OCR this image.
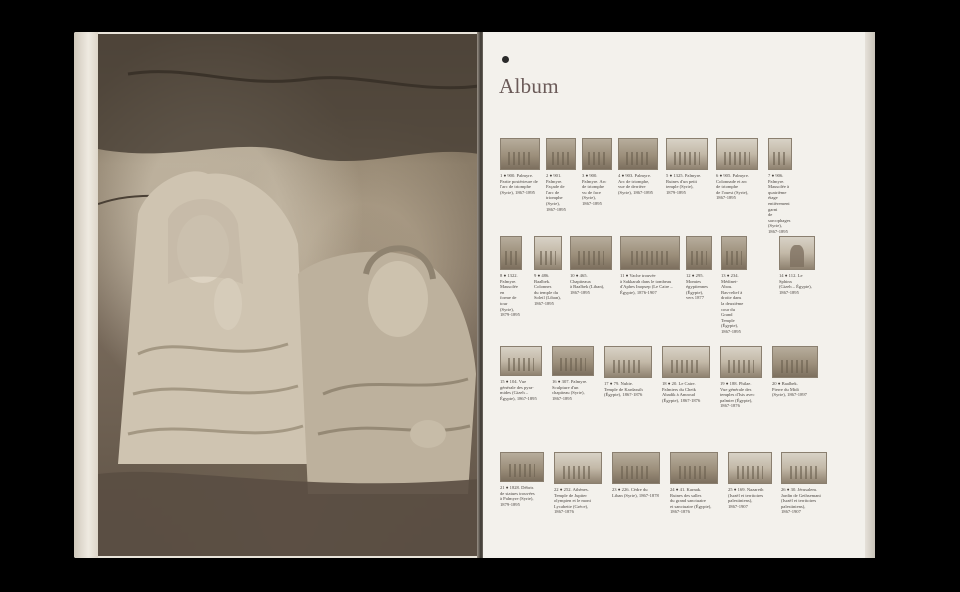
Album
1 ● 900. Palmyre.
Partie postérieure de
l'arc de triomphe
(Syrie), 1867-1895
2 ● 901.
Palmyre.
Façade de
l'arc de
triomphe
(Syrie),
1867-1895
3 ● 900.
Palmyre. Arc
de triomphe
vu de face
(Syrie),
1867-1895
4 ● 903. Palmyre.
Arc de triomphe,
vue de derrière
(Syrie), 1867-1895
5 ● 1325. Palmyre.
Ruines d'un petit
temple (Syrie),
1879-1895
6 ● 905. Palmyre.
Colonnade et arc
de triomphe
de l'ouest (Syrie),
1867-1895
7 ● 906. Palmyre.
Mausolée à quatrième
étage entièrement garni
de sarcophages (Syrie),
1867-1895
8 ● 1322.
Palmyre.
Mausolée en
forme de tour
(Syrie),
1879-1895
9 ● 486.
Baalbek.
Colonnes
du temple du
Soleil (Liban),
1867-1895
10 ● 465.
Chapiteaux
à Baalbek (Liban),
1867-1895
11 ● Vache trouvée
à Sakkarah dans le tombeau
d'Aphes Inopsep (Le Caire –
Égypte), 1876-1907
12 ● 295.
Momies
égyptiennes
(Égypte),
vers 1877
13 ● 234. Médinet-Abou.
Bas-relief à droite dans
la deuxième cour du
Grand Temple (Égypte),
1867-1895
14 ● 112. Le Sphinx
(Gizeh – Égypte),
1867-1895
15 ● 104. Vue
générale des pyra-
mides (Gizeh –
Égypte), 1867-1895
16 ● 307. Palmyre.
Sculpture d'un
chapiteau (Syrie),
1867-1895
17 ● 79. Nubie.
Temple de Kardassih
(Égypte), 1867-1876
18 ● 20. Le Caire.
Palmiers du Cheik
Abadik à Amroud
(Égypte), 1867-1876
19 ● 188. Philae.
Vue générale des
temples d'Isis avec
palmier (Égypte),
1867-1876
20 ● Baalbek.
Pierre du Midi
(Syrie), 1867-1897
21 ● 1828. Débris
de statues trouvées
à Palmyre (Syrie),
1879-1895
22 ● 252. Athènes.
Temple de Jupiter
olympien et le mont
Lycabette (Grèce),
1867-1876
23 ● 226. Cèdre du
Liban (Syrie), 1867-1878
24 ● 41. Karnak.
Ruines des salles
du grand sanctuaire
et sanctuaire (Égypte),
1867-1876
25 ● 169. Nazareth
(Israël et territoires
palestiniens),
1867-1907
26 ● 30. Jérusalem.
Jardin de Gethsemani
(Israël et territoires
palestiniens),
1867-1907
